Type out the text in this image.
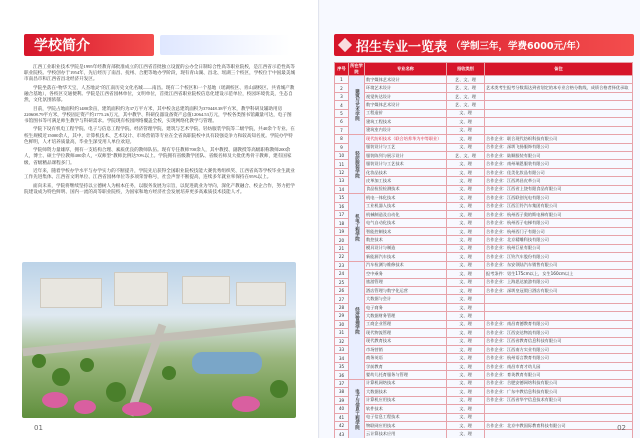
学校简介

江西工业职业技术学院是1995年经教育部批准成立的江西省首批独立设置的公办全日制综合性高等职业院校，是江西省示范性高等职业院校。学校创办于1954年，先后经历了南昌、抚州、合肥等地办学阶段，现有青山湖、昌北、瑶湖三个校区，学校位于中国最美城市南昌市和江西省昌北经济开发区。

学院坐落在“物华天宝，人杰地灵”的江南历史文化名城——南昌。现有二个校区和一个基地（瑶湖校区、青山湖校区、共青城产教融合基地），各校区交通便利。学院是江西省园林单位，文明单位，首批江西省职业院校信息化建设示范单位，校园环境优美，生态自然，文化氛围浓郁。

目前，学院占地面积约1480余亩，建筑面积约为37万平方米，其中校舍总建筑面积为370448.38平方米，教学科研及辅助用房220608.79平方米，学校固定资产约1775.26万元，其中教学、科研仪器设备资产总值12064.53万元，学校各类图书馆藏量可达，电子图书馆图书等可满足师生教学与科研需求。学院现有校园网络覆盖全校，实现网络化教学与管理。

学院下设有机电工程学院、电子与信息工程学院、经济管理学院、建筑与艺术学院、轻纺服装学院等二级学院，共40余个专业。在校生规模近15000余人，其中，计算机技术、艺术设计、市场营销等专业在全省高职院校中具有较强竞争力和较高知名度。学院办学特色鲜明，人才培养质量高，毕业生深受用人单位欢迎。

学院师资力量雄厚，拥有一支结构合理、素质优良的教师队伍。现有专任教师700余人，其中教授、副教授等高级职称教师200余人，博士、硕士学位教师400余人，“双师型”教师比例达70%以上。学院拥有省级教学团队、省级名师及大批优秀骨干教师，建有国家级、省级精品课程多门。

近年来，随着学校办学水平与办学实力的不断提升，学院先后获得全国职业院校技能大赛优秀组织奖、江西省高等学校毕业生就业工作先进集体、江西省文明单位、江西省园林单位等多项荣誉称号，社会声誉不断提高，连续多年就业率保持在95%以上。

面向未来，学院将继续坚持以立德树人为根本任务，以服务发展为宗旨，以促进就业为导向，深化产教融合、校企合作，努力把学院建设成为特色鲜明、国内一流的高等职业院校，为国家和地方经济社会发展培养更多高素质技术技能人才。

01
招生专业一览表 （学制三年，学费6000元/年）
序号	所在学院	专业名称	招收类别	备注
1	建筑与艺术学院	数字媒体艺术设计	艺、文、理	
2		环境艺术设计	艺、文、理	艺术类考生报考分数需达到省划定的本专业合格分数线，成绩合格者择优录取
3		视觉传达设计	艺、文、理	
4		数字媒体艺术设计	艺、文、理	
5		工程造价	文、理	
6		建筑工程技术	文、理	
7		建筑室内设计	文、理	
8	轻纺服装学院	现代纺织技术（联合培养华为中等职业）	文、理	合作企业：联合现代纺织科技有限公司
9		服装设计与工艺	文、理	合作企业：深圳飞扬服饰有限公司
10		服装陈列与展示设计	艺、文、理	合作企业：陆顺服装有限公司
11		服装设计与工艺技术	文、理	合作企业：南州瑞恩服装有限公司
12		化妆品技术	文、理	合作企业：佳美化妆品有限公司
13		皮革加工技术	文、理	合作企业：江西鸿昌皮革公司
14		食品检验检测技术	文、理	合作企业：江西省上饶有限食品有限公司
15	机电工程学院	机电一体化技术	文、理	合作企业：江西联创光电有限公司
16		工业机器人技术	文、理	合作企业：江西江铃汽车集团有限公司
17		机械制造及自动化	文、理	合作企业：杭州西子奥的斯电梯有限公司
18		电气自动化技术	文、理	合作企业：杭州西子电梯有限公司
19		智能控制技术	文、理	合作企业：杭州西门子有限公司
20		数控技术	文、理	合作企业：北京精雕科技有限公司
21		模具设计与制造	文、理	合作企业：杭州巨星有限公司
22		新能源汽车技术	文、理	合作企业：江铃汽车股份有限公司
23	经济管理学院	汽车检测与维修技术	文、理	合作企业：东安领陆汽车销售有限公司
24		空中乘务	文、理	报考条件：男生175cm以上，女生160cm以上
25		旅游管理	文、理	合作企业：上海思达旅游有限公司
26		酒店管理与数字化运营	文、理	合作企业：深圳皇冠假日酒店有限公司
27		大数据与会计	文、理	
28		电子商务	文、理	
29		大数据财务管理	文、理	
30		工商企业管理	文、理	合作企业：南昌育德教育有限公司
31		现代物流管理	文、理	合作企业：江西安达物流有限公司
32		现代教育技术	文、理	合作企业：江西省教育信息科技有限公司
33		市场营销	文、理	合作企业：江西南方实业有限公司
34		商务英语	文、理	合作企业：杭州语言教育有限公司
35		学前教育	文、理	合作企业：南昌市育才幼儿园
36		婴幼儿托育服务与管理	文、理	合作企业：育英教育有限公司
37	电子与信息工程学院	计算机网络技术	文、理	合作企业：合肥安德网络科技有限公司
38		大数据技术	文、理	合作企业：广东中教信息科技有限公司
39		计算机应用技术	文、理	合作企业：江西省华宇信息技术有限公司
40		软件技术	文、理	
41		电子信息工程技术	文、理	
42		物联网应用技术	文、理	合作企业：北京中教国际教育科技有限公司
43		云计算技术应用	文、理	
02
